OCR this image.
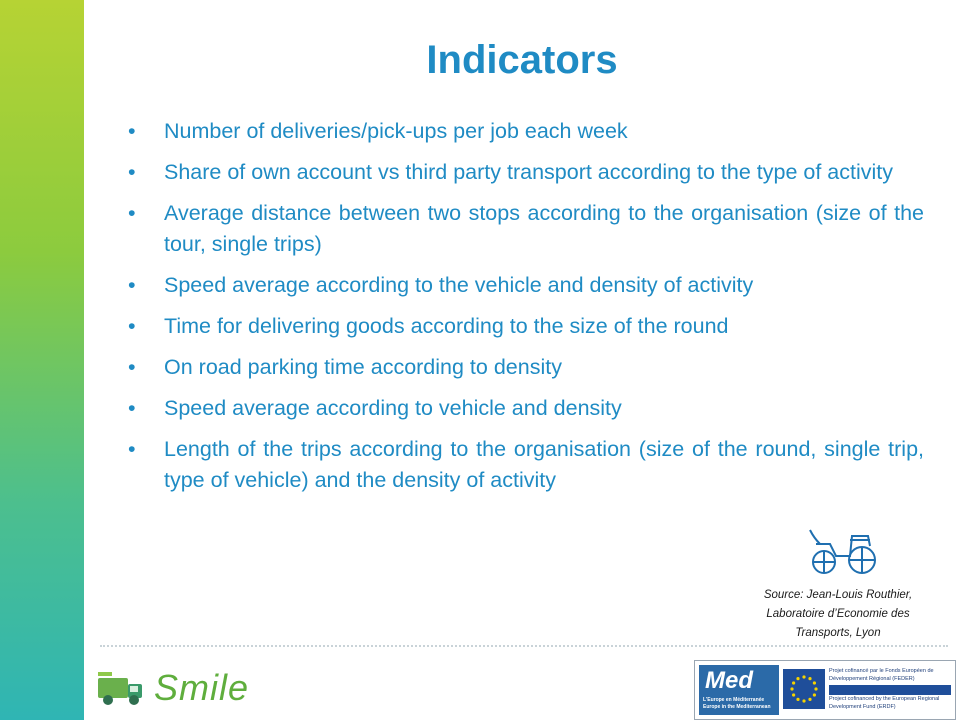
Indicators
• Number of deliveries/pick-ups per job each week
• Share of own account vs third party transport according to the type of activity
• Average distance between two stops according to the organisation (size of the tour, single trips)
• Speed average according to the vehicle and density of activity
• Time for delivering goods according to the size of the round
• On road parking time according to density
• Speed average according to vehicle and density
• Length of the trips according to the organisation (size of the round, single trip, type of vehicle) and the density of activity
Source: Jean-Louis Routhier,
Laboratoire d’Economie des
Transports, Lyon
Smile	Med
L'Europe en Méditerranée Europe in the Mediterranean
Projet cofinancé par le Fonds Européen de Développement Régional (FEDER)
Project cofinanced by the European Regional Development Fund (ERDF)
